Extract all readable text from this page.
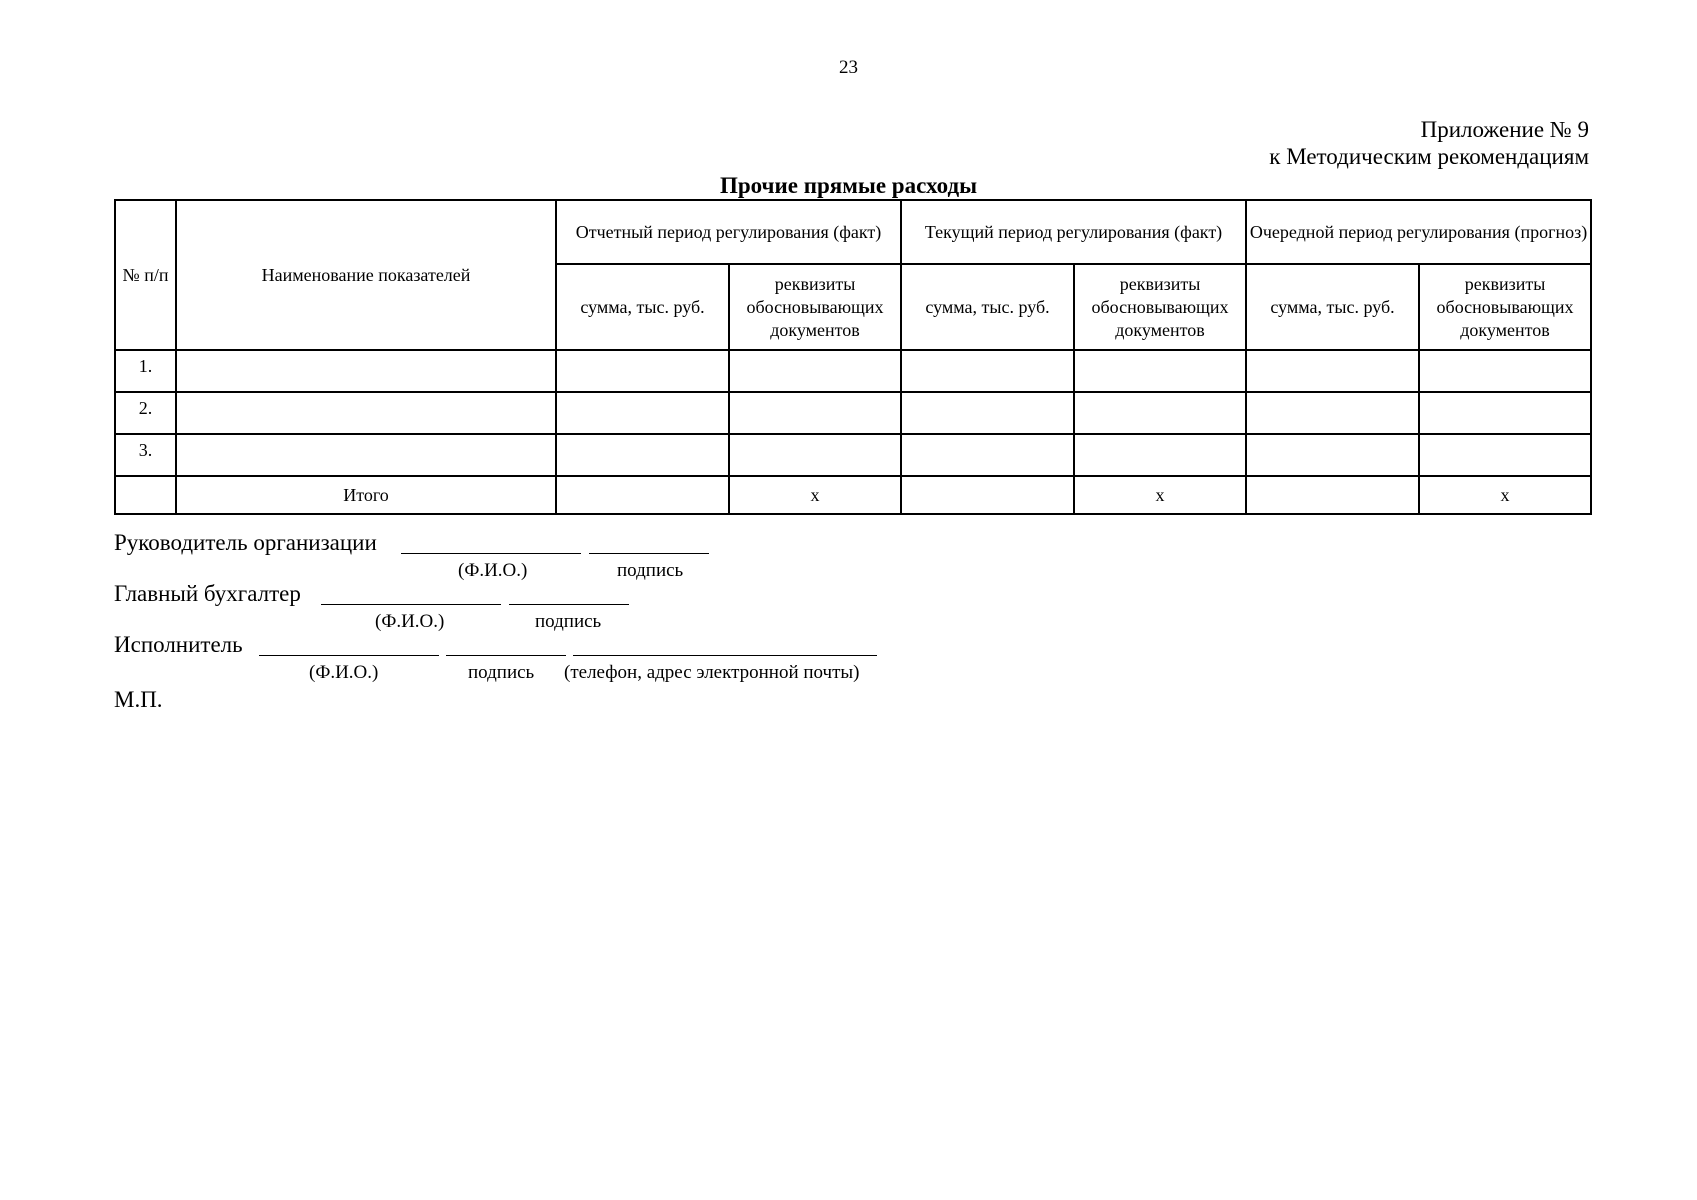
23
Приложение № 9
к Методическим рекомендациям
Прочие прямые расходы
№ п/п	Наименование показателей	Отчетный период регулирования (факт)		Текущий период регулирования (факт)		Очередной период регулирования (прогноз)	
		сумма, тыс. руб.	реквизиты обосновывающих документов	сумма, тыс. руб.	реквизиты обосновывающих документов	сумма, тыс. руб.	реквизиты обосновывающих документов
1.							
2.							
3.							
	Итого		х		х		х
Руководитель организации
(Ф.И.О.)	подпись
Главный бухгалтер
(Ф.И.О.)	подпись
Исполнитель
(Ф.И.О.)	подпись (телефон, адрес электронной почты)
М.П.
